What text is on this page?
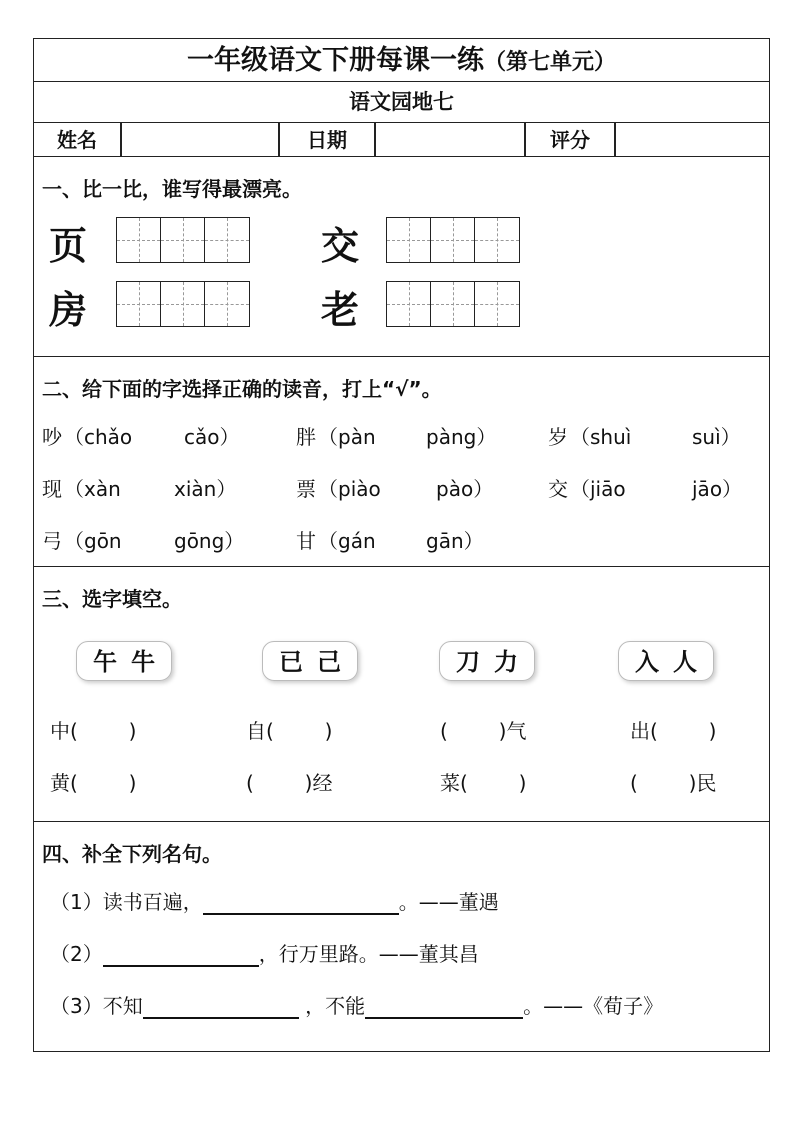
一年级语文下册每课一练（第七单元）
语文园地七
姓名	日期	评分
一、比一比，谁写得最漂亮。
页	交
房	老
二、给下面的字选择正确的读音，打上“√”。
吵 （chǎo	cǎo）	胖 （pàn	pàng）	岁 （shuì	suì）
现 （xàn	xiàn）	票 （piào	pào）	交 （jiāo	jāo）
弓 （gōn	gōng）	甘 （gán	gān）
三、选字填空。
午牛	已己	刀力	入人
中(        )	自(        )	(        )气	出(        )
黄(        )	(        )经	菜(        )	(        )民
四、补全下列名句。
（1）读书百遍，	。——董遇
（2）	，行万里路。——董其昌
（3）不知	，不能	。——《荀子》
